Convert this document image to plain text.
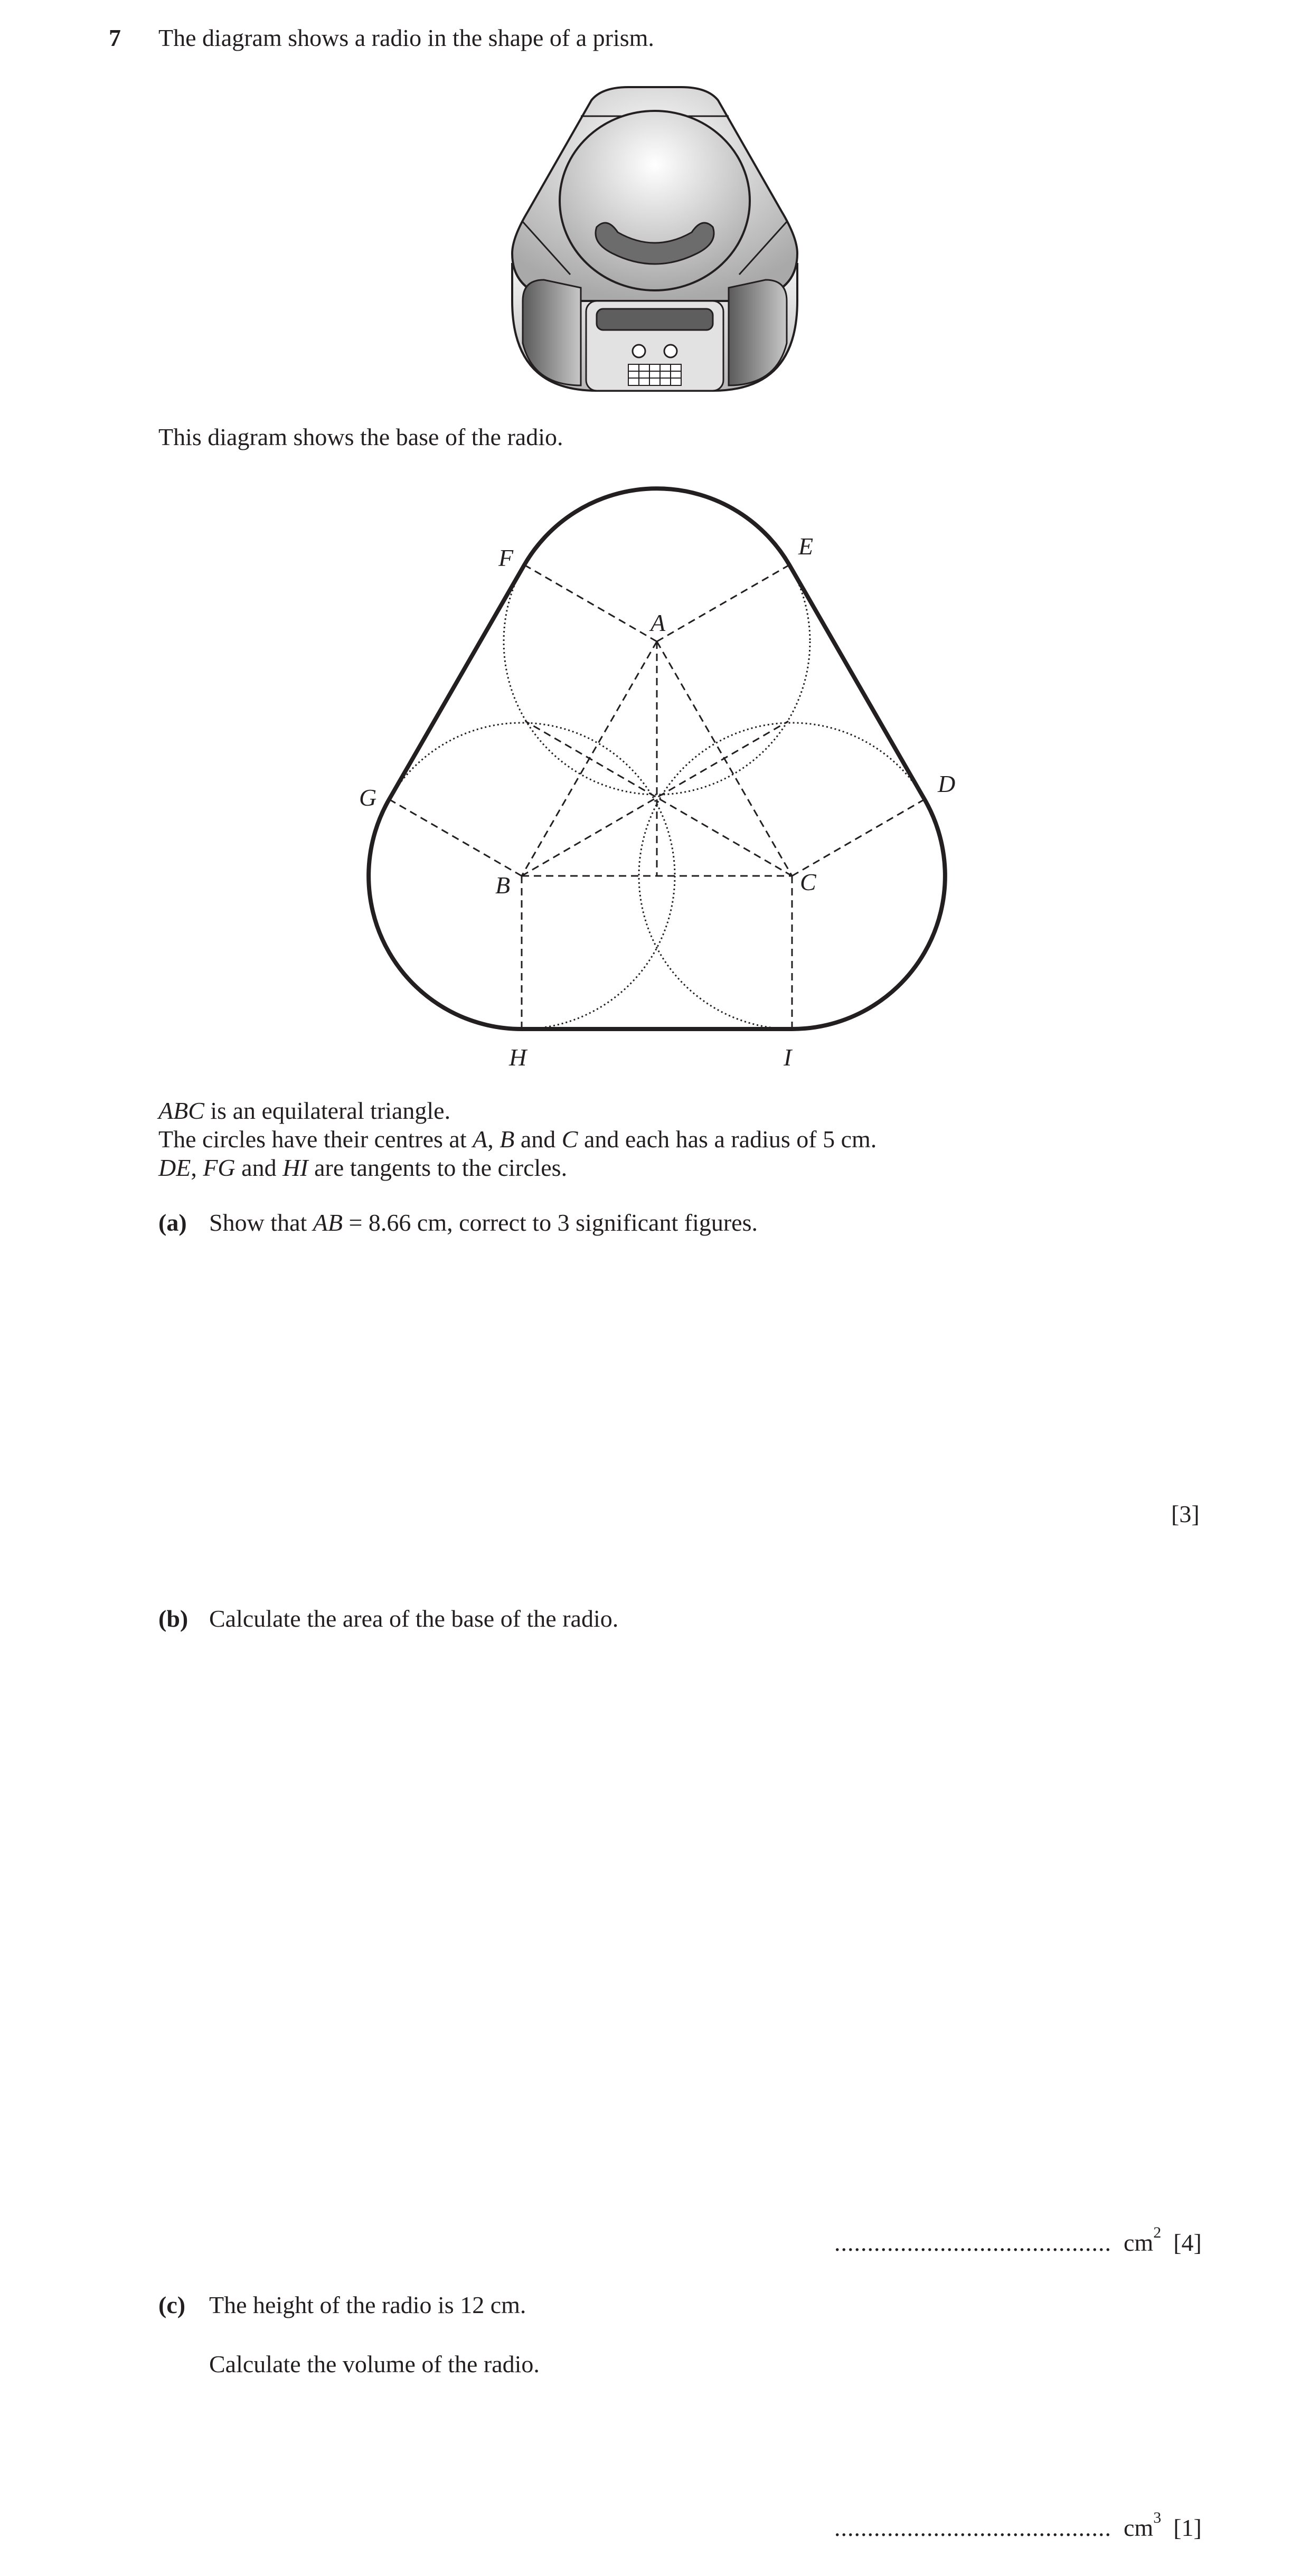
7 The diagram shows a radio in the shape of a prism.
This diagram shows the base of the radio.
A
B	C
D
E
F
G
H	I
ABC is an equilateral triangle.
The circles have their centres at A, B and C and each has a radius of 5 cm.
DE, FG and HI are tangents to the circles.
(a) Show that AB = 8.66 cm, correct to 3 significant figures.
[3]
(b) Calculate the area of the base of the radio.
.......................................... $cm^2$ [4]
(c) The height of the radio is 12 cm.
Calculate the volume of the radio.
.......................................... $cm^3$ [1]
